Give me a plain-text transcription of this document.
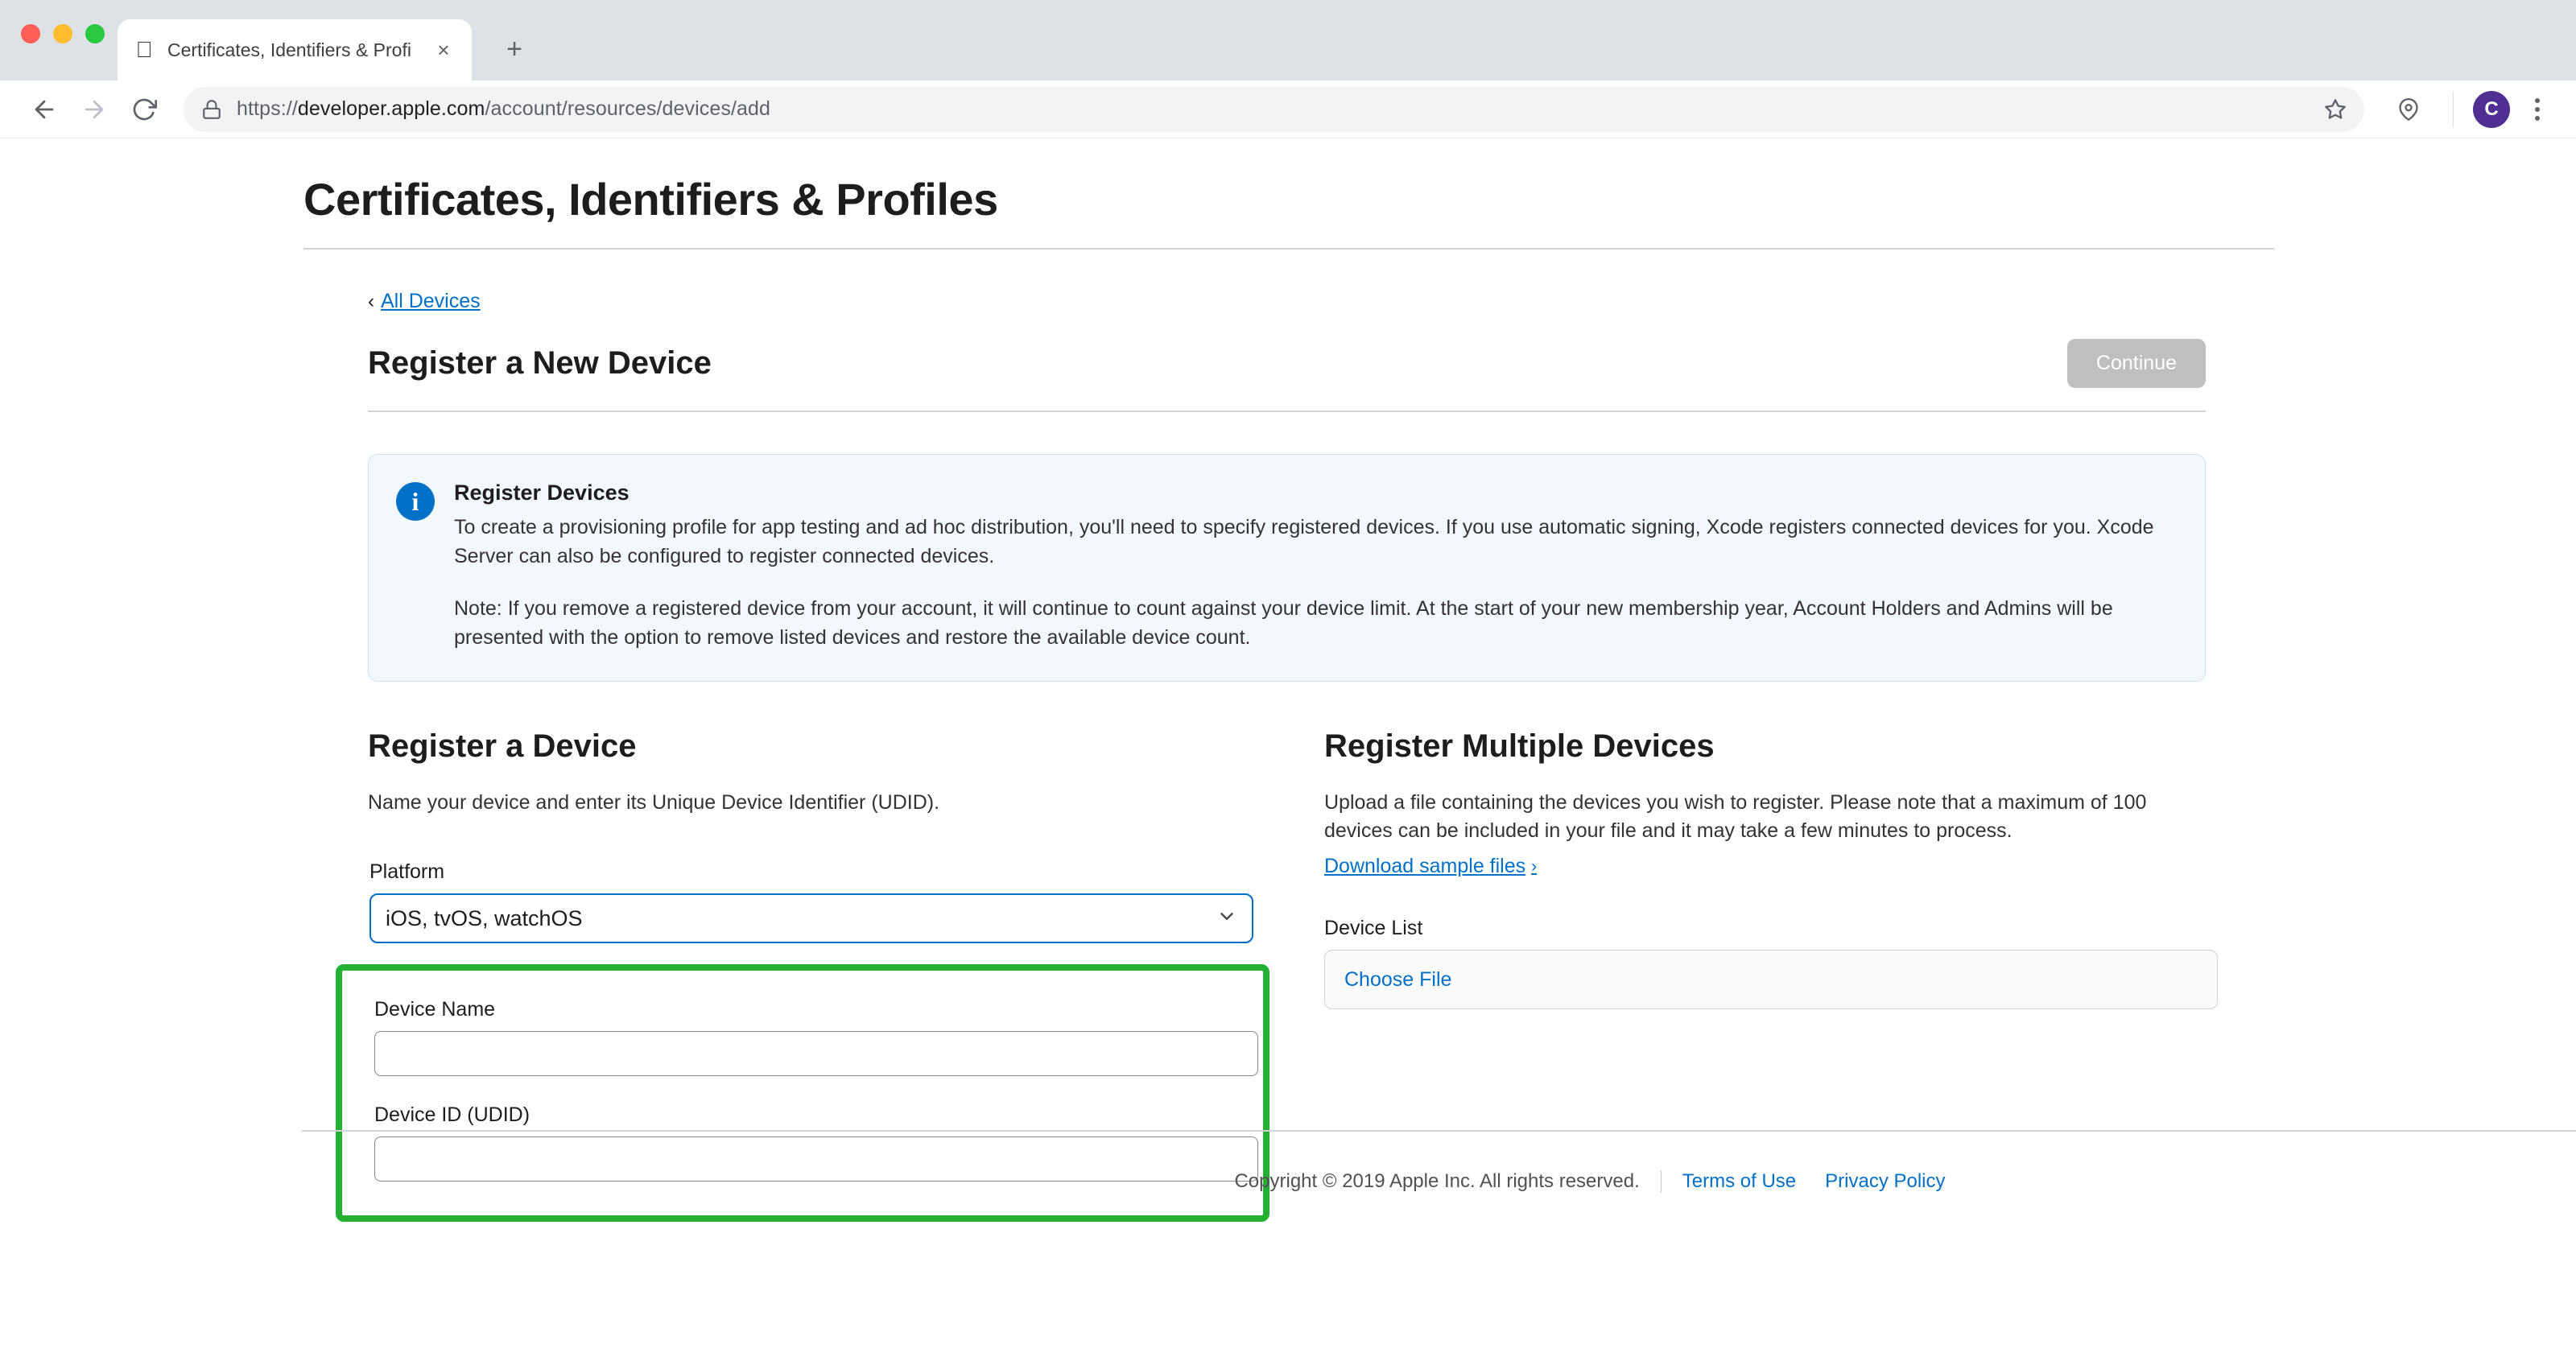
Certificates, Identifiers & Profi	×	+
https://developer.apple.com/account/resources/devices/add	C
Certificates, Identifiers & Profiles
‹ All Devices
Register a New Device	Continue
i	Register Devices
To create a provisioning profile for app testing and ad hoc distribution, you'll need to specify registered devices. If you use automatic signing, Xcode registers connected devices for you. Xcode Server can also be configured to register connected devices.
Note: If you remove a registered device from your account, it will continue to count against your device limit. At the start of your new membership year, Account Holders and Admins will be presented with the option to remove listed devices and restore the available device count.
Register a Device
Name your device and enter its Unique Device Identifier (UDID).
Platform
iOS, tvOS, watchOS
Device Name
Device ID (UDID)
Register Multiple Devices
Upload a file containing the devices you wish to register. Please note that a maximum of 100 devices can be included in your file and it may take a few minutes to process.
Download sample files ›
Device List
Choose File
Copyright © 2019 Apple Inc. All rights reserved. Terms of Use Privacy Policy
